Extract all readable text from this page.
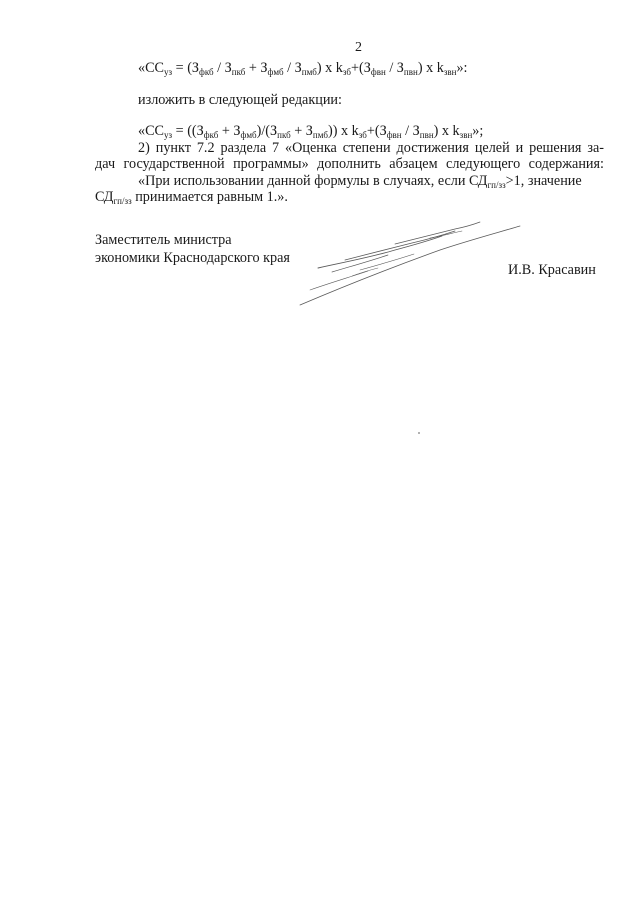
2
«$СС_{уз} = (З_{фкб} / З_{пкб} + З_{фмб} / З_{пмб})$ х $k_{зб}+(З_{фвн} / З_{пвн})$ х $k_{звн}$»:
изложить в следующей редакции:
«$СС_{уз} = ((З_{фкб} + З_{фмб})/(З_{пкб} + З_{пмб}))$ х $k_{зб}+(З_{фвн} / З_{пвн})$ х $k_{звн}$»;
2) пункт 7.2 раздела 7 «Оценка степени достижения целей и решения за-
дач государственной программы» дополнить абзацем следующего содержания:
«При использовании данной формулы в случаях, если $СД_{гп/зз}>1$, значение
$СД_{гп/зз}$ принимается равным 1.».
Заместитель министра
экономики Краснодарского края
И.В. Красавин
